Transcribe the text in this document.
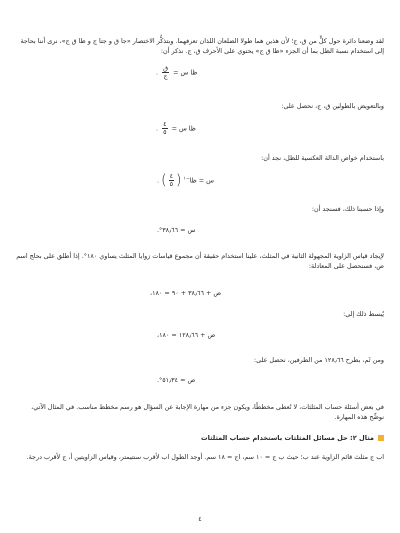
لقد وضعنا دائرة حول كلٍّ من ق، ج؛ لأن هذين هما طولا الضلعان اللذان تعرفهما. وبتذكُّر الاختصار «جا ق و جتا ج و ظا ق ج»، نرى أننا بحاجة إلى استخدام نسبة الظل بما أن الجزء «ظا ق ج» يحتوي على الأحرف ق، ج. نذكر أن:
ظا س =
$\frac{\text{ق}}{\text{ج}}$
.
وبالتعويض بالطولين ق، ج، نحصل على:
ظا س =
$\frac{٤}{٥}$
.
باستخدام خواص الدالة العكسية للظل، نجد أن:
س = ظا$^{-١}$ (
$\frac{٤}{٥}$
) .
وإذا حسبنا ذلك، فسنجد أن:
س = ٣٨٫٦٦°.
لإيجاد قياس الزاوية المجهولة الثانية في المثلث، علينا استخدام حقيقة أن مجموع قياسات زوايا المثلث يساوي ١٨٠°. إذا أطلق على ب‍حا‍ج اسم ص، فسنحصل على المعادلة:
ص + ٣٨٫٦٦ + ٩٠ = ١٨٠،
يُبسط ذلك إلى:
ص + ١٢٨٫٦٦ = ١٨٠،
ومن ثَم، بطرح ١٢٨٫٦٦ من الطرفين، نحصل على:
ص = ٥١٫٣٤°.
في بعض أسئلة حساب المثلثات، لا نُعطى مخططًا، ويكون جزء من مهارة الإجابة عن السؤال هو رسم مخطط مناسب. في المثال الآتي، نوضِّح هذه المهارة.
مثال ٢: حل مسائل المثلثات باستخدام حساب المثلثات
اب ج مثلث قائم الزاوية عند ب؛ حيث ب ج = ١٠ سم، اج = ١٨ سم. أوجد الطول اب لأقرب سنتيمتر، وقياس الزاويتين أ، ج لأقرب درجة.
٤
